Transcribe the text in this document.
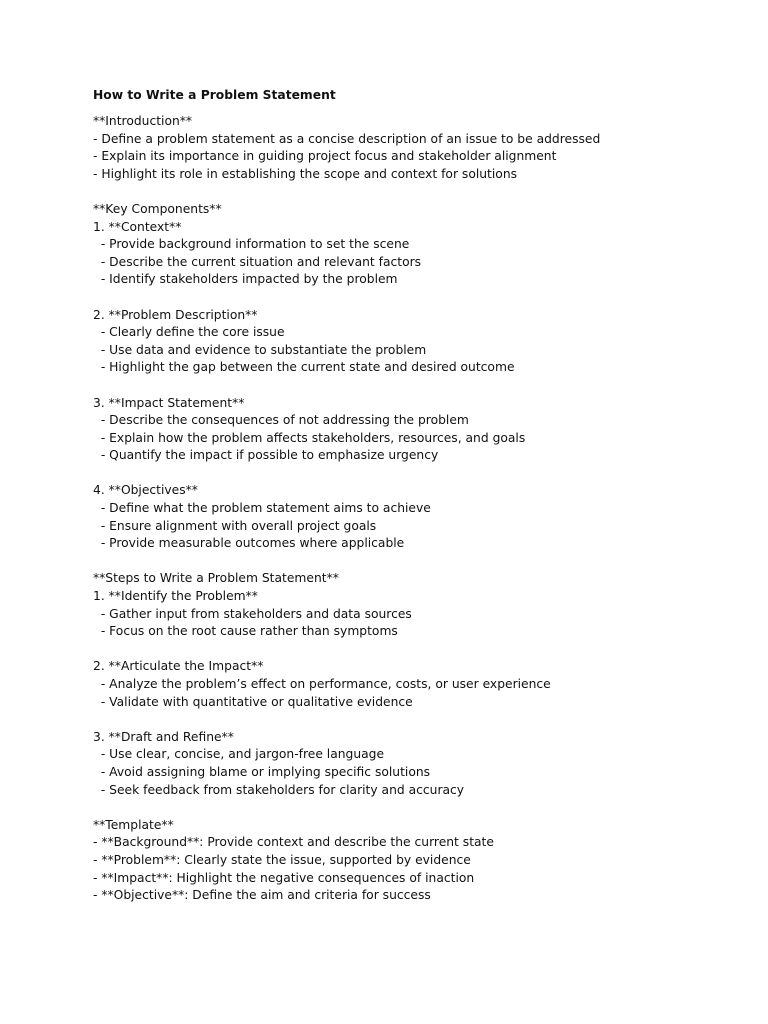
How to Write a Problem Statement
**Introduction**
- Define a problem statement as a concise description of an issue to be addressed
- Explain its importance in guiding project focus and stakeholder alignment
- Highlight its role in establishing the scope and context for solutions
**Key Components**
1. **Context**
- Provide background information to set the scene
- Describe the current situation and relevant factors
- Identify stakeholders impacted by the problem
2. **Problem Description**
- Clearly define the core issue
- Use data and evidence to substantiate the problem
- Highlight the gap between the current state and desired outcome
3. **Impact Statement**
- Describe the consequences of not addressing the problem
- Explain how the problem affects stakeholders, resources, and goals
- Quantify the impact if possible to emphasize urgency
4. **Objectives**
- Define what the problem statement aims to achieve
- Ensure alignment with overall project goals
- Provide measurable outcomes where applicable
**Steps to Write a Problem Statement**
1. **Identify the Problem**
- Gather input from stakeholders and data sources
- Focus on the root cause rather than symptoms
2. **Articulate the Impact**
- Analyze the problem’s effect on performance, costs, or user experience
- Validate with quantitative or qualitative evidence
3. **Draft and Refine**
- Use clear, concise, and jargon-free language
- Avoid assigning blame or implying specific solutions
- Seek feedback from stakeholders for clarity and accuracy
**Template**
- **Background**: Provide context and describe the current state
- **Problem**: Clearly state the issue, supported by evidence
- **Impact**: Highlight the negative consequences of inaction
- **Objective**: Define the aim and criteria for success
